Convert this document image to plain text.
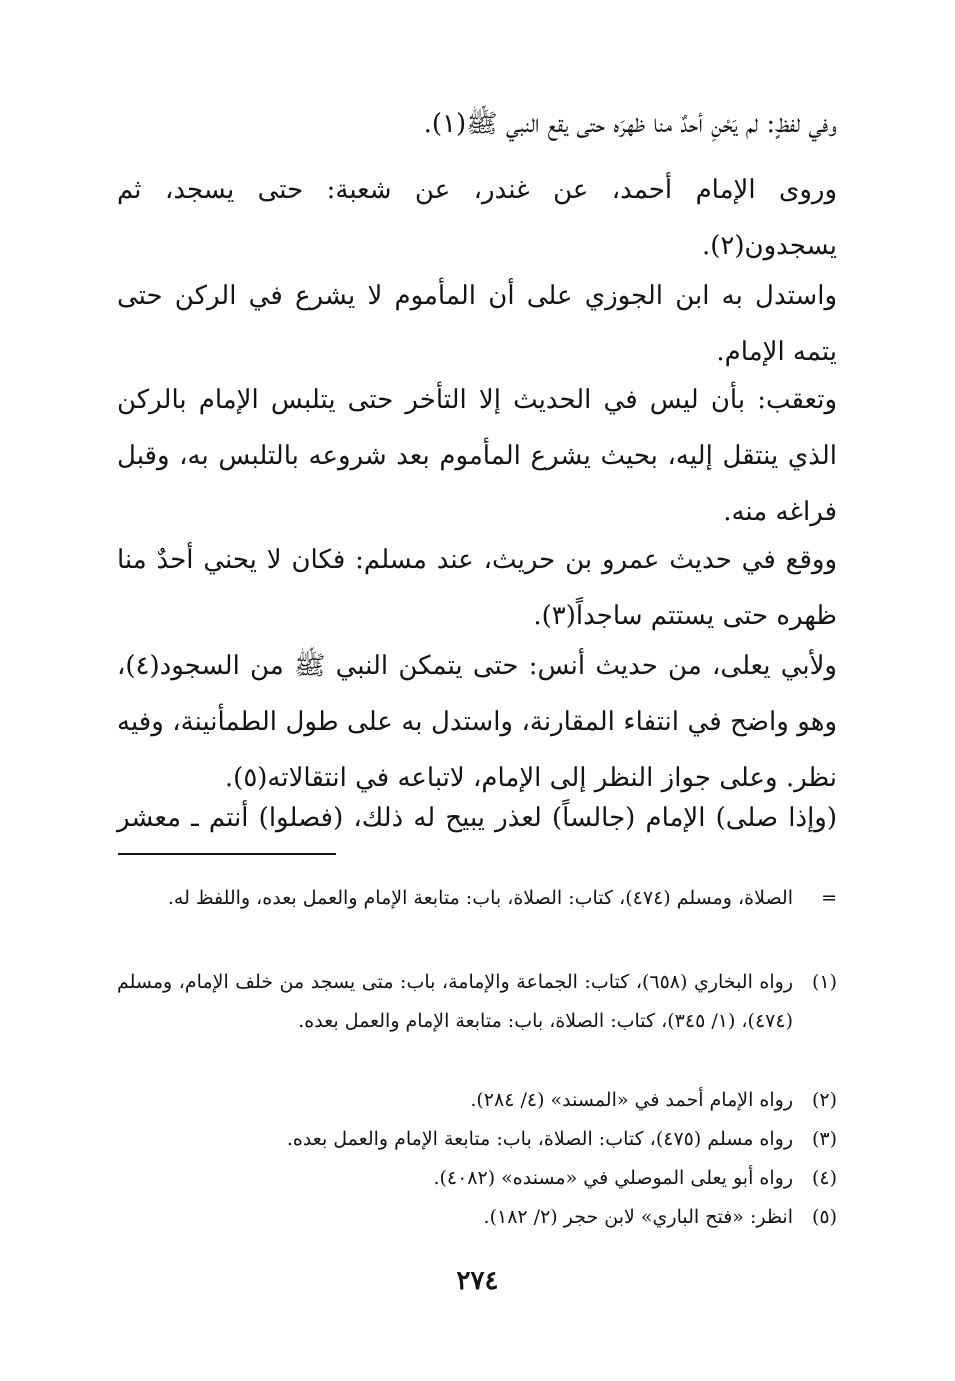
وفي لفظٍ: لم يَحْنِ أحدٌ منا ظهرَه حتى يقع النبي ﷺ(١).

وروى الإمام أحمد، عن غندر، عن شعبة: حتى يسجد، ثم يسجدون(٢).

واستدل به ابن الجوزي على أن المأموم لا يشرع في الركن حتى يتمه الإمام.

وتعقب: بأن ليس في الحديث إلا التأخر حتى يتلبس الإمام بالركن الذي ينتقل إليه، بحيث يشرع المأموم بعد شروعه بالتلبس به، وقبل فراغه منه.

ووقع في حديث عمرو بن حريث، عند مسلم: فكان لا يحني أحدٌ منا ظهره حتى يستتم ساجداً(٣).

ولأبي يعلى، من حديث أنس: حتى يتمكن النبي ﷺ من السجود(٤)، وهو واضح في انتفاء المقارنة، واستدل به على طول الطمأنينة، وفيه نظر. وعلى جواز النظر إلى الإمام، لاتباعه في انتقالاته(٥).

(وإذا صلى) الإمام (جالساً) لعذر يبيح له ذلك، (فصلوا) أنتم ـ معشر

=
الصلاة، ومسلم (٤٧٤)، كتاب: الصلاة، باب: متابعة الإمام والعمل بعده، واللفظ له.
(١)
رواه البخاري (٦٥٨)، كتاب: الجماعة والإمامة، باب: متى يسجد من خلف الإمام، ومسلم (٤٧٤)، (١/ ٣٤٥)، كتاب: الصلاة، باب: متابعة الإمام والعمل بعده.
(٢)
رواه الإمام أحمد في «المسند» (٤/ ٢٨٤).
(٣)
رواه مسلم (٤٧٥)، كتاب: الصلاة، باب: متابعة الإمام والعمل بعده.
(٤)
رواه أبو يعلى الموصلي في «مسنده» (٤٠٨٢).
(٥)
انظر: «فتح الباري» لابن حجر (٢/ ١٨٢).
٢٧٤
